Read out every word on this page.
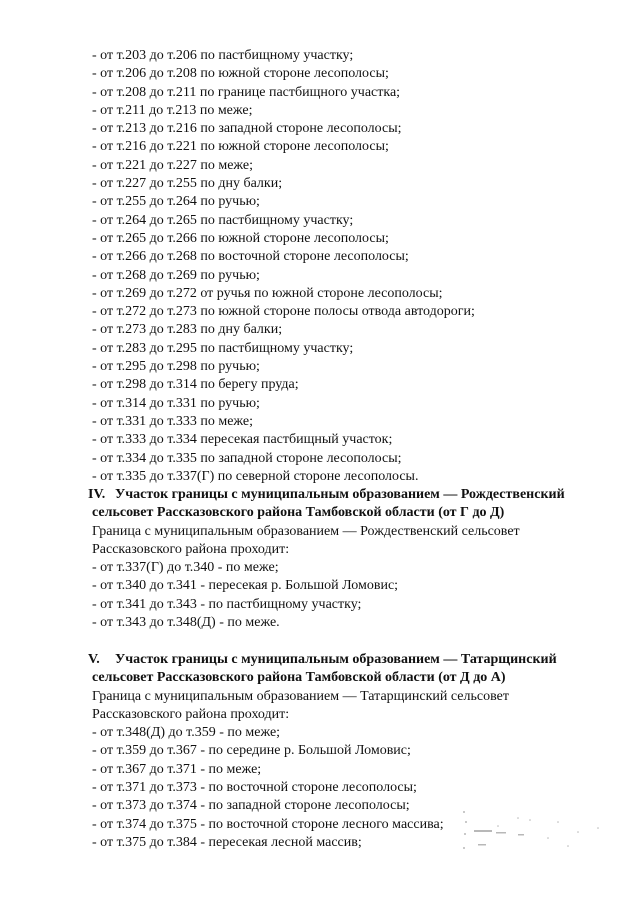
- от т.203 до т.206 по пастбищному участку;
- от т.206 до т.208 по южной стороне лесополосы;
- от т.208 до т.211 по границе пастбищного участка;
- от т.211 до т.213 по меже;
- от т.213 до т.216 по западной стороне лесополосы;
- от т.216 до т.221 по южной стороне лесополосы;
- от т.221 до т.227 по меже;
- от т.227 до т.255 по дну балки;
- от т.255 до т.264 по ручью;
- от т.264 до т.265 по пастбищному участку;
- от т.265 до т.266 по южной стороне лесополосы;
- от т.266 до т.268 по восточной стороне лесополосы;
- от т.268 до т.269 по ручью;
- от т.269 до т.272 от ручья по южной стороне лесополосы;
- от т.272 до т.273 по южной стороне полосы отвода автодороги;
- от т.273 до т.283 по дну балки;
- от т.283 до т.295 по пастбищному участку;
- от т.295 до т.298 по ручью;
- от т.298 до т.314 по берегу пруда;
- от т.314 до т.331 по ручью;
- от т.331 до т.333 по меже;
- от т.333 до т.334 пересекая пастбищный участок;
- от т.334 до т.335 по западной стороне лесополосы;
- от т.335 до т.337(Г) по северной стороне лесополосы.
IV. Участок границы с муниципальным образованием — Рождественский сельсовет Рассказовского района Тамбовской области (от Г до Д)
Граница с муниципальным образованием — Рождественский сельсовет
Рассказовского района проходит:
- от т.337(Г) до т.340 - по меже;
- от т.340 до т.341 - пересекая р. Большой Ломовис;
- от т.341 до т.343 - по пастбищному участку;
- от т.343 до т.348(Д) - по меже.
V. Участок границы с муниципальным образованием — Татарщинский сельсовет Рассказовского района Тамбовской области (от Д до А)
Граница с муниципальным образованием — Татарщинский сельсовет
Рассказовского района проходит:
- от т.348(Д) до т.359 - по меже;
- от т.359 до т.367 - по середине р. Большой Ломовис;
- от т.367 до т.371 - по меже;
- от т.371 до т.373 - по восточной стороне лесополосы;
- от т.373 до т.374 - по западной стороне лесополосы;
- от т.374 до т.375 - по восточной стороне лесного массива;
- от т.375 до т.384 - пересекая лесной массив;
